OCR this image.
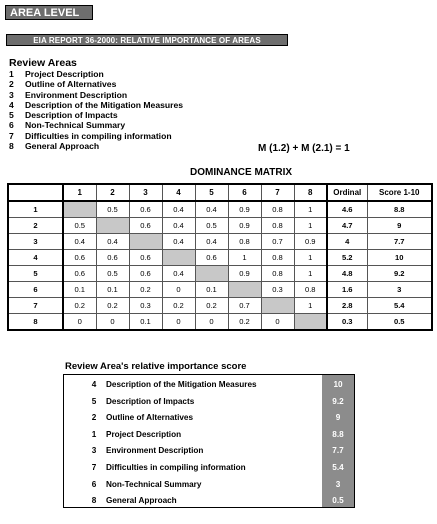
AREA LEVEL
EIA REPORT 36-2000: RELATIVE IMPORTANCE OF AREAS
Review Areas
1 Project Description
2 Outline of Alternatives
3 Environment Description
4 Description of the Mitigation Measures
5 Description of Impacts
6 Non-Technical Summary
7 Difficulties in compiling information
8 General Approach	M (1.2) + M (2.1) = 1
DOMINANCE MATRIX
	1	2	3	4	5	6	7	8	Ordinal	Score 1-10
1		0.5	0.6	0.4	0.4	0.9	0.8	1	4.6	8.8
2	0.5		0.6	0.4	0.5	0.9	0.8	1	4.7	9
3	0.4	0.4		0.4	0.4	0.8	0.7	0.9	4	7.7
4	0.6	0.6	0.6		0.6	1	0.8	1	5.2	10
5	0.6	0.5	0.6	0.4		0.9	0.8	1	4.8	9.2
6	0.1	0.1	0.2	0	0.1		0.3	0.8	1.6	3
7	0.2	0.2	0.3	0.2	0.2	0.7		1	2.8	5.4
8	0	0	0.1	0	0	0.2	0		0.3	0.5
Review Area's relative importance score
4	Description of the Mitigation Measures	10
5	Description of Impacts	9.2
2	Outline of Alternatives	9
1	Project Description	8.8
3	Environment Description	7.7
7	Difficulties in compiling information	5.4
6	Non-Technical Summary	3
8	General Approach	0.5
